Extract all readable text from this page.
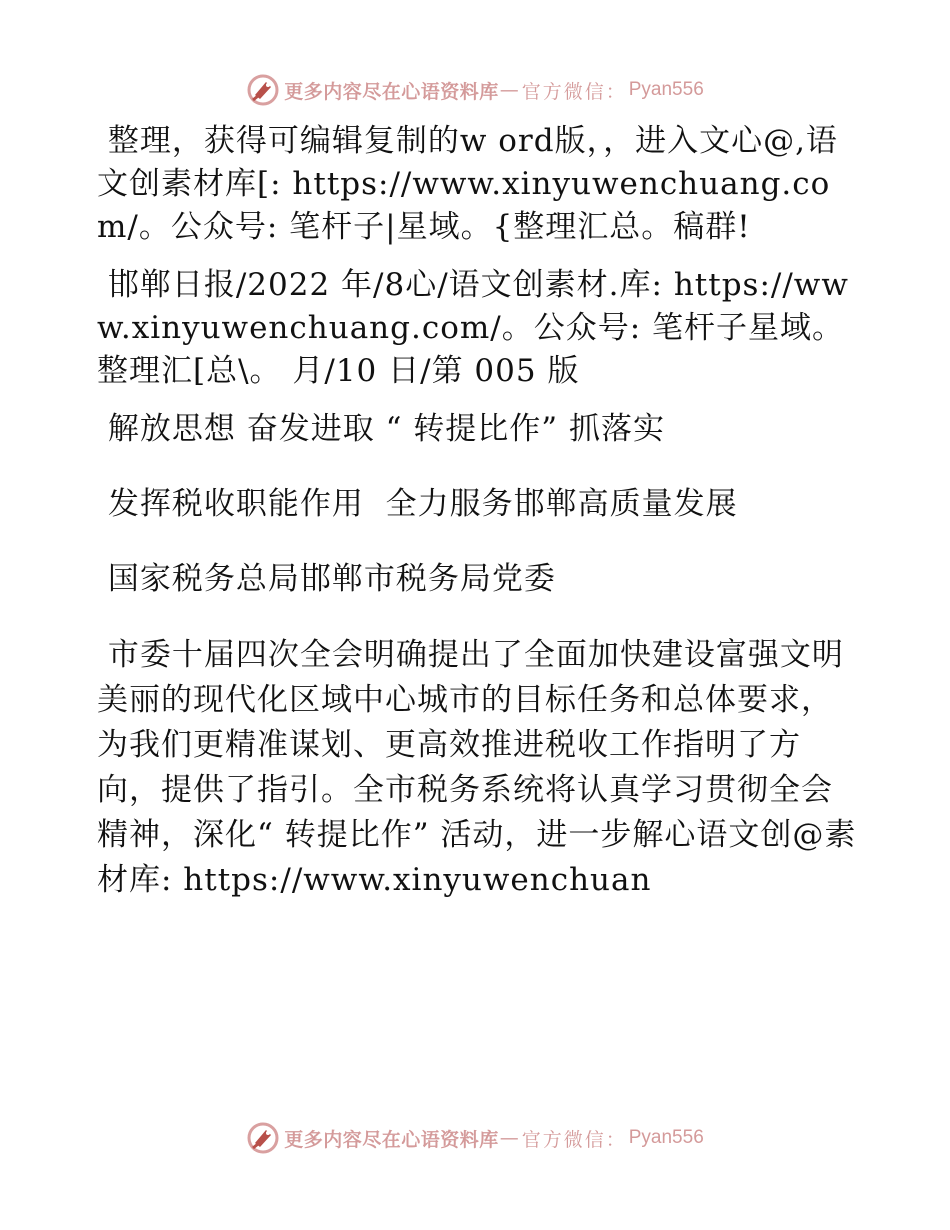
更多内容尽在心语资料库 — 官方微信： Pyan556

整理，获得可编辑复制的w ord版，，进入文心@,语文创素材库[: https://www.xinyuwenchuang.com/。公众号: 笔杆子|星域。{整理汇总。稿群!

邯郸日报/2022 年/8心/语文创素材.库: https://www.xinyuwenchuang.com/。公众号: 笔杆子星域。整理汇[总\。 月/10 日/第 005 版

解放思想 奋发进取 “ 转提比作” 抓落实

发挥税收职能作用  全力服务邯郸高质量发展

国家税务总局邯郸市税务局党委

市委十届四次全会明确提出了全面加快建设富强文明美丽的现代化区域中心城市的目标任务和总体要求，为我们更精准谋划、更高效推进税收工作指明了方向，提供了指引。全市税务系统将认真学习贯彻全会精神，深化“ 转提比作” 活动，进一步解心语文创@素材库: https://www.xinyuwenchuan

更多内容尽在心语资料库 — 官方微信： Pyan556
